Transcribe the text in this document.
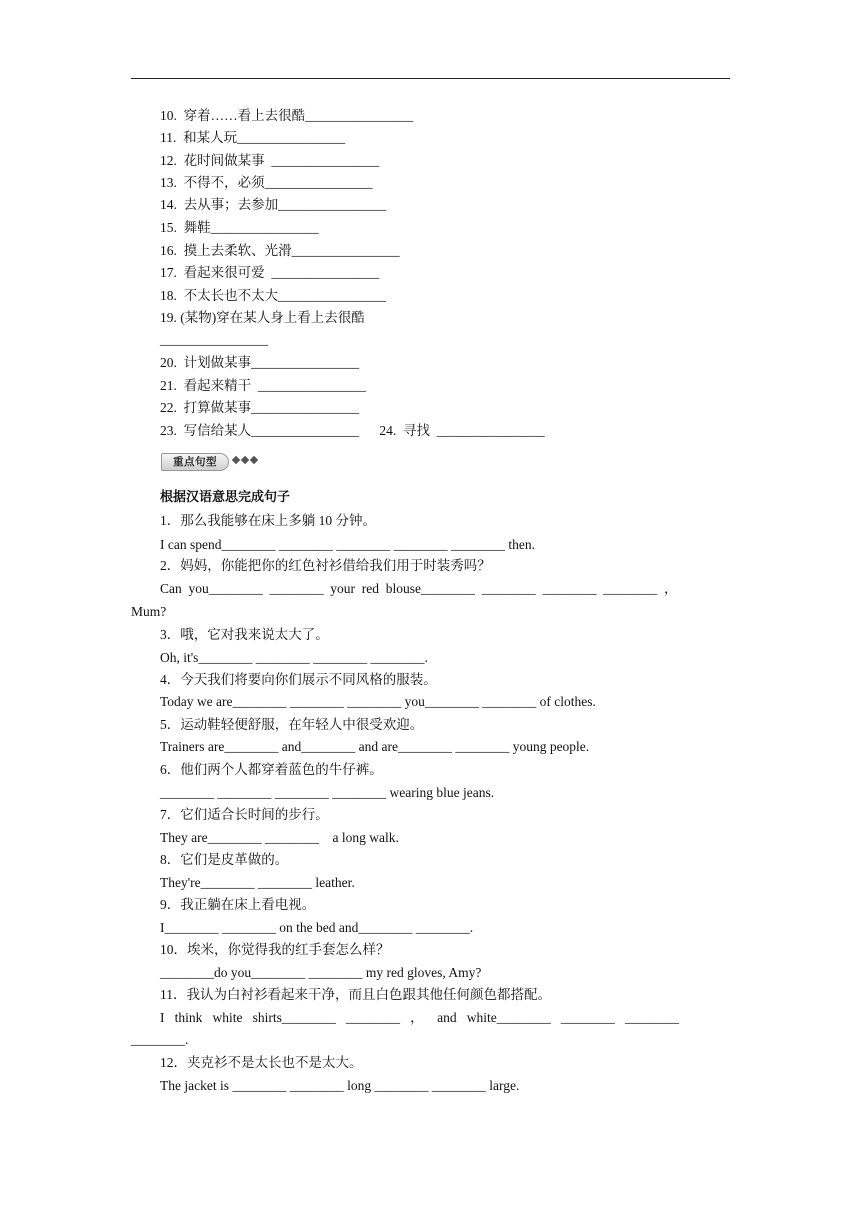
10.  穿着……看上去很酷________________
11.  和某人玩________________
12.  花时间做某事  ________________
13.  不得不，必须________________
14.  去从事；去参加________________
15.  舞鞋________________
16.  摸上去柔软、光滑________________
17.  看起来很可爱  ________________
18.  不太长也不太大________________
19. (某物)穿在某人身上看上去很酷
________________
20.  计划做某事________________
21.  看起来精干  ________________
22.  打算做某事________________
23.  写信给某人________________      24.  寻找  ________________
重点句型
根据汉语意思完成句子
1．那么我能够在床上多躺 10 分钟。
I can spend________ ________ ________ ________ ________ then.
2．妈妈，你能把你的红色衬衫借给我们用于时装秀吗？
Can  you________  ________  your  red  blouse________  ________  ________  ________  ，
Mum?
3．哦，它对我来说太大了。
Oh, it's________ ________ ________ ________.
4．今天我们将要向你们展示不同风格的服装。
Today we are________ ________ ________ you________ ________ of clothes.
5．运动鞋轻便舒服，在年轻人中很受欢迎。
Trainers are________ and________ and are________ ________ young people.
6．他们两个人都穿着蓝色的牛仔裤。
________ ________ ________ ________ wearing blue jeans.
7．它们适合长时间的步行。
They are________ ________    a long walk.
8．它们是皮革做的。
They're________ ________ leather.
9．我正躺在床上看电视。
I________ ________ on the bed and________ ________.
10．埃米，你觉得我的红手套怎么样？
________do you________ ________ my red gloves, Amy?
11．我认为白衬衫看起来干净，而且白色跟其他任何颜色都搭配。
I   think   white   shirts________   ________   ，    and   white________   ________   ________
________.
12．夹克衫不是太长也不是太大。
The jacket is ________ ________ long ________ ________ large.
